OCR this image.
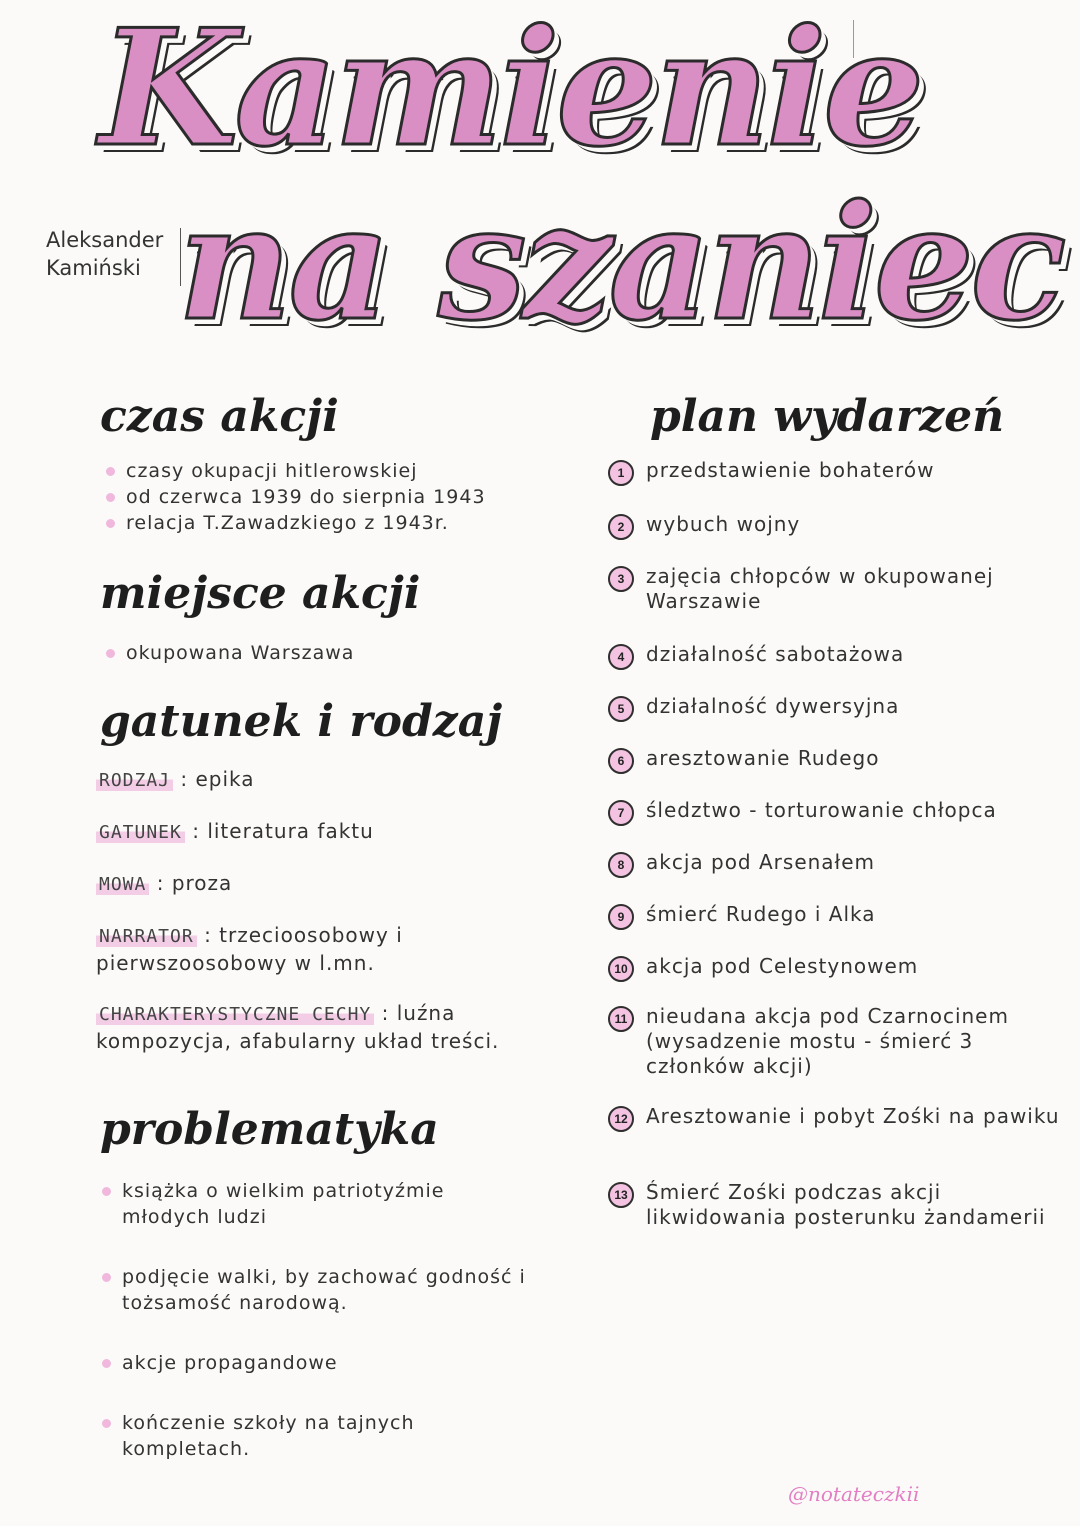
Kamienie
na szaniec
Aleksander
Kamiński
czas akcji
czasy okupacji hitlerowskiej
od czerwca 1939 do sierpnia 1943
relacja T.Zawadzkiego z 1943r.
miejsce akcji
okupowana Warszawa
gatunek i rodzaj
RODZAJ : epika
GATUNEK : literatura faktu
MOWA : proza
NARRATOR : trzecioosobowy i pierwszoosobowy w l.mn.
CHARAKTERYSTYCZNE CECHY : luźna kompozycja, afabularny układ treści.
problematyka
książka o wielkim patriotyźmie młodych ludzi
podjęcie walki, by zachować godność i tożsamość narodową.
akcje propagandowe
kończenie szkoły na tajnych kompletach.
plan wydarzeń
1	przedstawienie bohaterów
2	wybuch wojny
3	zajęcia chłopców w okupowanej Warszawie
4	działalność sabotażowa
5	działalność dywersyjna
6	aresztowanie Rudego
7	śledztwo - torturowanie chłopca
8	akcja pod Arsenałem
9	śmierć Rudego i Alka
10 akcja pod Celestynowem
11 nieudana akcja pod Czarnocinem (wysadzenie mostu - śmierć 3 członków akcji)
12 Aresztowanie i pobyt Zośki na pawiku
13 Śmierć Zośki podczas akcji likwidowania posterunku żandamerii
@notateczkii
